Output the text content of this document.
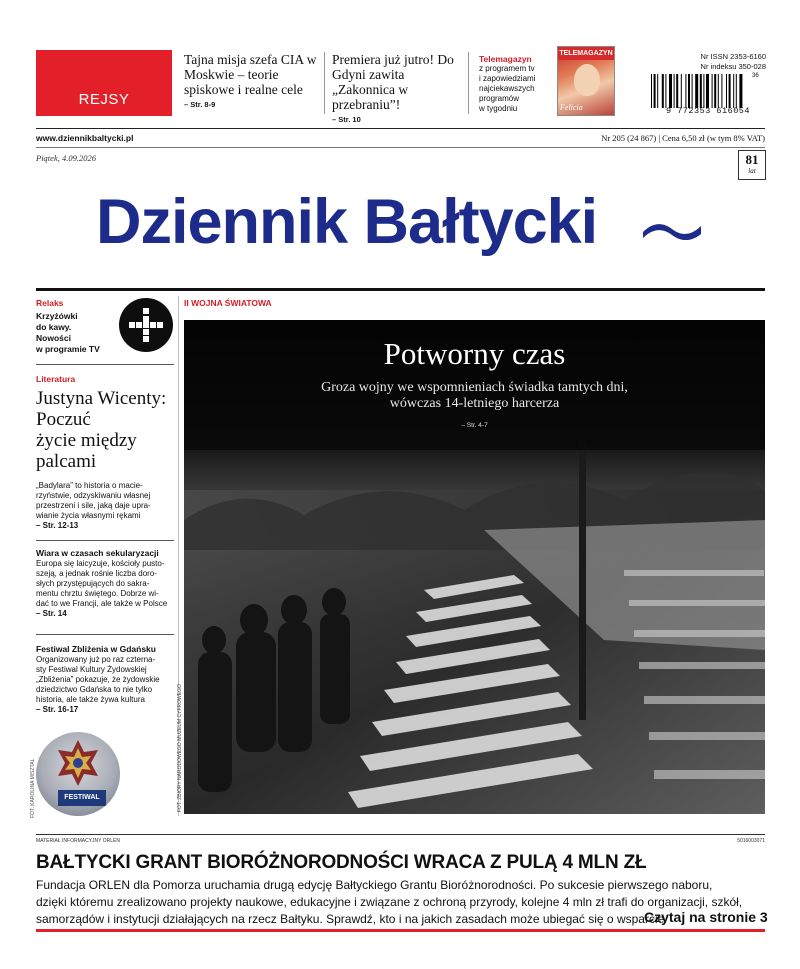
REJSY
Tajna misja szefa CIA w Moskwie – teorie spiskowe i realne cele
– Str. 8-9
Premiera już jutro! Do Gdyni zawita „Zakonnica w przebraniu”!
– Str. 10
Telemagazyn
z programem tv
i zapowiedziami
najciekawszych
programów
w tygodniu
TELEMAGAZYN
Felicia
Nr ISSN 2353-6160
Nr indeksu 350-028
36
9 772353 616054
www.dziennikbaltycki.pl	Nr 205 (24 867) | Cena 6,50 zł (w tym 8% VAT)
Piątek, 4.09.2026	81
lat
Dziennik Bałtycki
Relaks
Krzyżówki
do kawy.
Nowości
w programie TV
Literatura
Justyna Wicenty:
Poczuć
życie między
palcami
„Badylara” to historia o macie-
rzyństwie, odzyskiwaniu własnej
przestrzeni i sile, jaką daje upra-
wianie życia własnymi rękami
– Str. 12-13
Wiara w czasach sekularyzacji
Europa się laicyzuje, kościoły pusto-
szeją, a jednak rośnie liczba doro-
słych przystępujących do sakra-
mentu chrztu świętego. Dobrze wi-
dać to we Francji, ale także w Polsce
– Str. 14
Festiwal Zbliżenia w Gdańsku
Organizowany już po raz czterna-
sty Festiwal Kultury Żydowskiej
„Zbliżenia” pokazuje, że żydowskie
dziedzictwo Gdańska to nie tylko
historia, ale także żywa kultura
– Str. 16-17
FESTIWAL
FOT. KAROLINA MISZTAL
II WOJNA ŚWIATOWA
Potworny czas
Groza wojny we wspomnieniach świadka tamtych dni,
wówczas 14-letniego harcerza
– Str. 4-7
FOT. ZBIORY NARODOWEGO MUZEUM CYFROWEGO
MATERIAŁ INFORMACYJNY ORLEN	5016003071
BAŁTYCKI GRANT BIORÓŻNORODNOŚCI WRACA Z PULĄ 4 MLN ZŁ
Fundacja ORLEN dla Pomorza uruchamia drugą edycję Bałtyckiego Grantu Bioróżnorodności. Po sukcesie pierwszego naboru,
dzięki któremu zrealizowano projekty naukowe, edukacyjne i związane z ochroną przyrody, kolejne 4 mln zł trafi do organizacji, szkół,
samorządów i instytucji działających na rzecz Bałtyku. Sprawdź, kto i na jakich zasadach może ubiegać się o wsparcie
Czytaj na stronie 3
